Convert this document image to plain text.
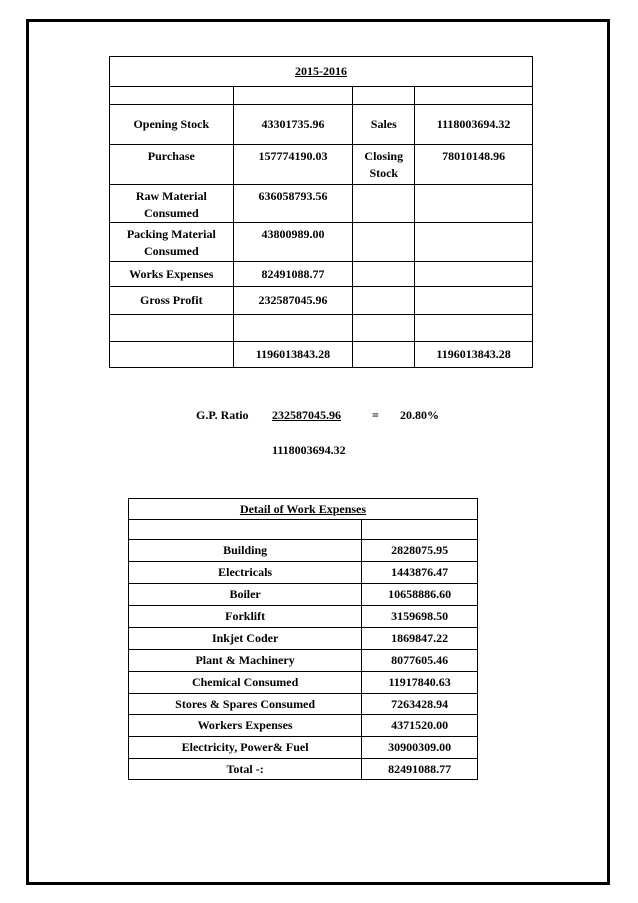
2015-2016			

Opening Stock	43301735.96	Sales	1118003694.32
Purchase	157774190.03	Closing Stock	78010148.96
Raw Material Consumed	636058793.56		
Packing Material Consumed	43800989.00		
Works Expenses	82491088.77		
Gross Profit	232587045.96		

	1196013843.28		1196013843.28
G.P. Ratio 232587045.96	= 20.80%
1118003694.32
Detail of Work Expenses	

Building	2828075.95
Electricals	1443876.47
Boiler	10658886.60
Forklift	3159698.50
Inkjet Coder	1869847.22
Plant & Machinery	8077605.46
Chemical Consumed	11917840.63
Stores & Spares Consumed	7263428.94
Workers Expenses	4371520.00
Electricity, Power& Fuel	30900309.00
Total -:	82491088.77
